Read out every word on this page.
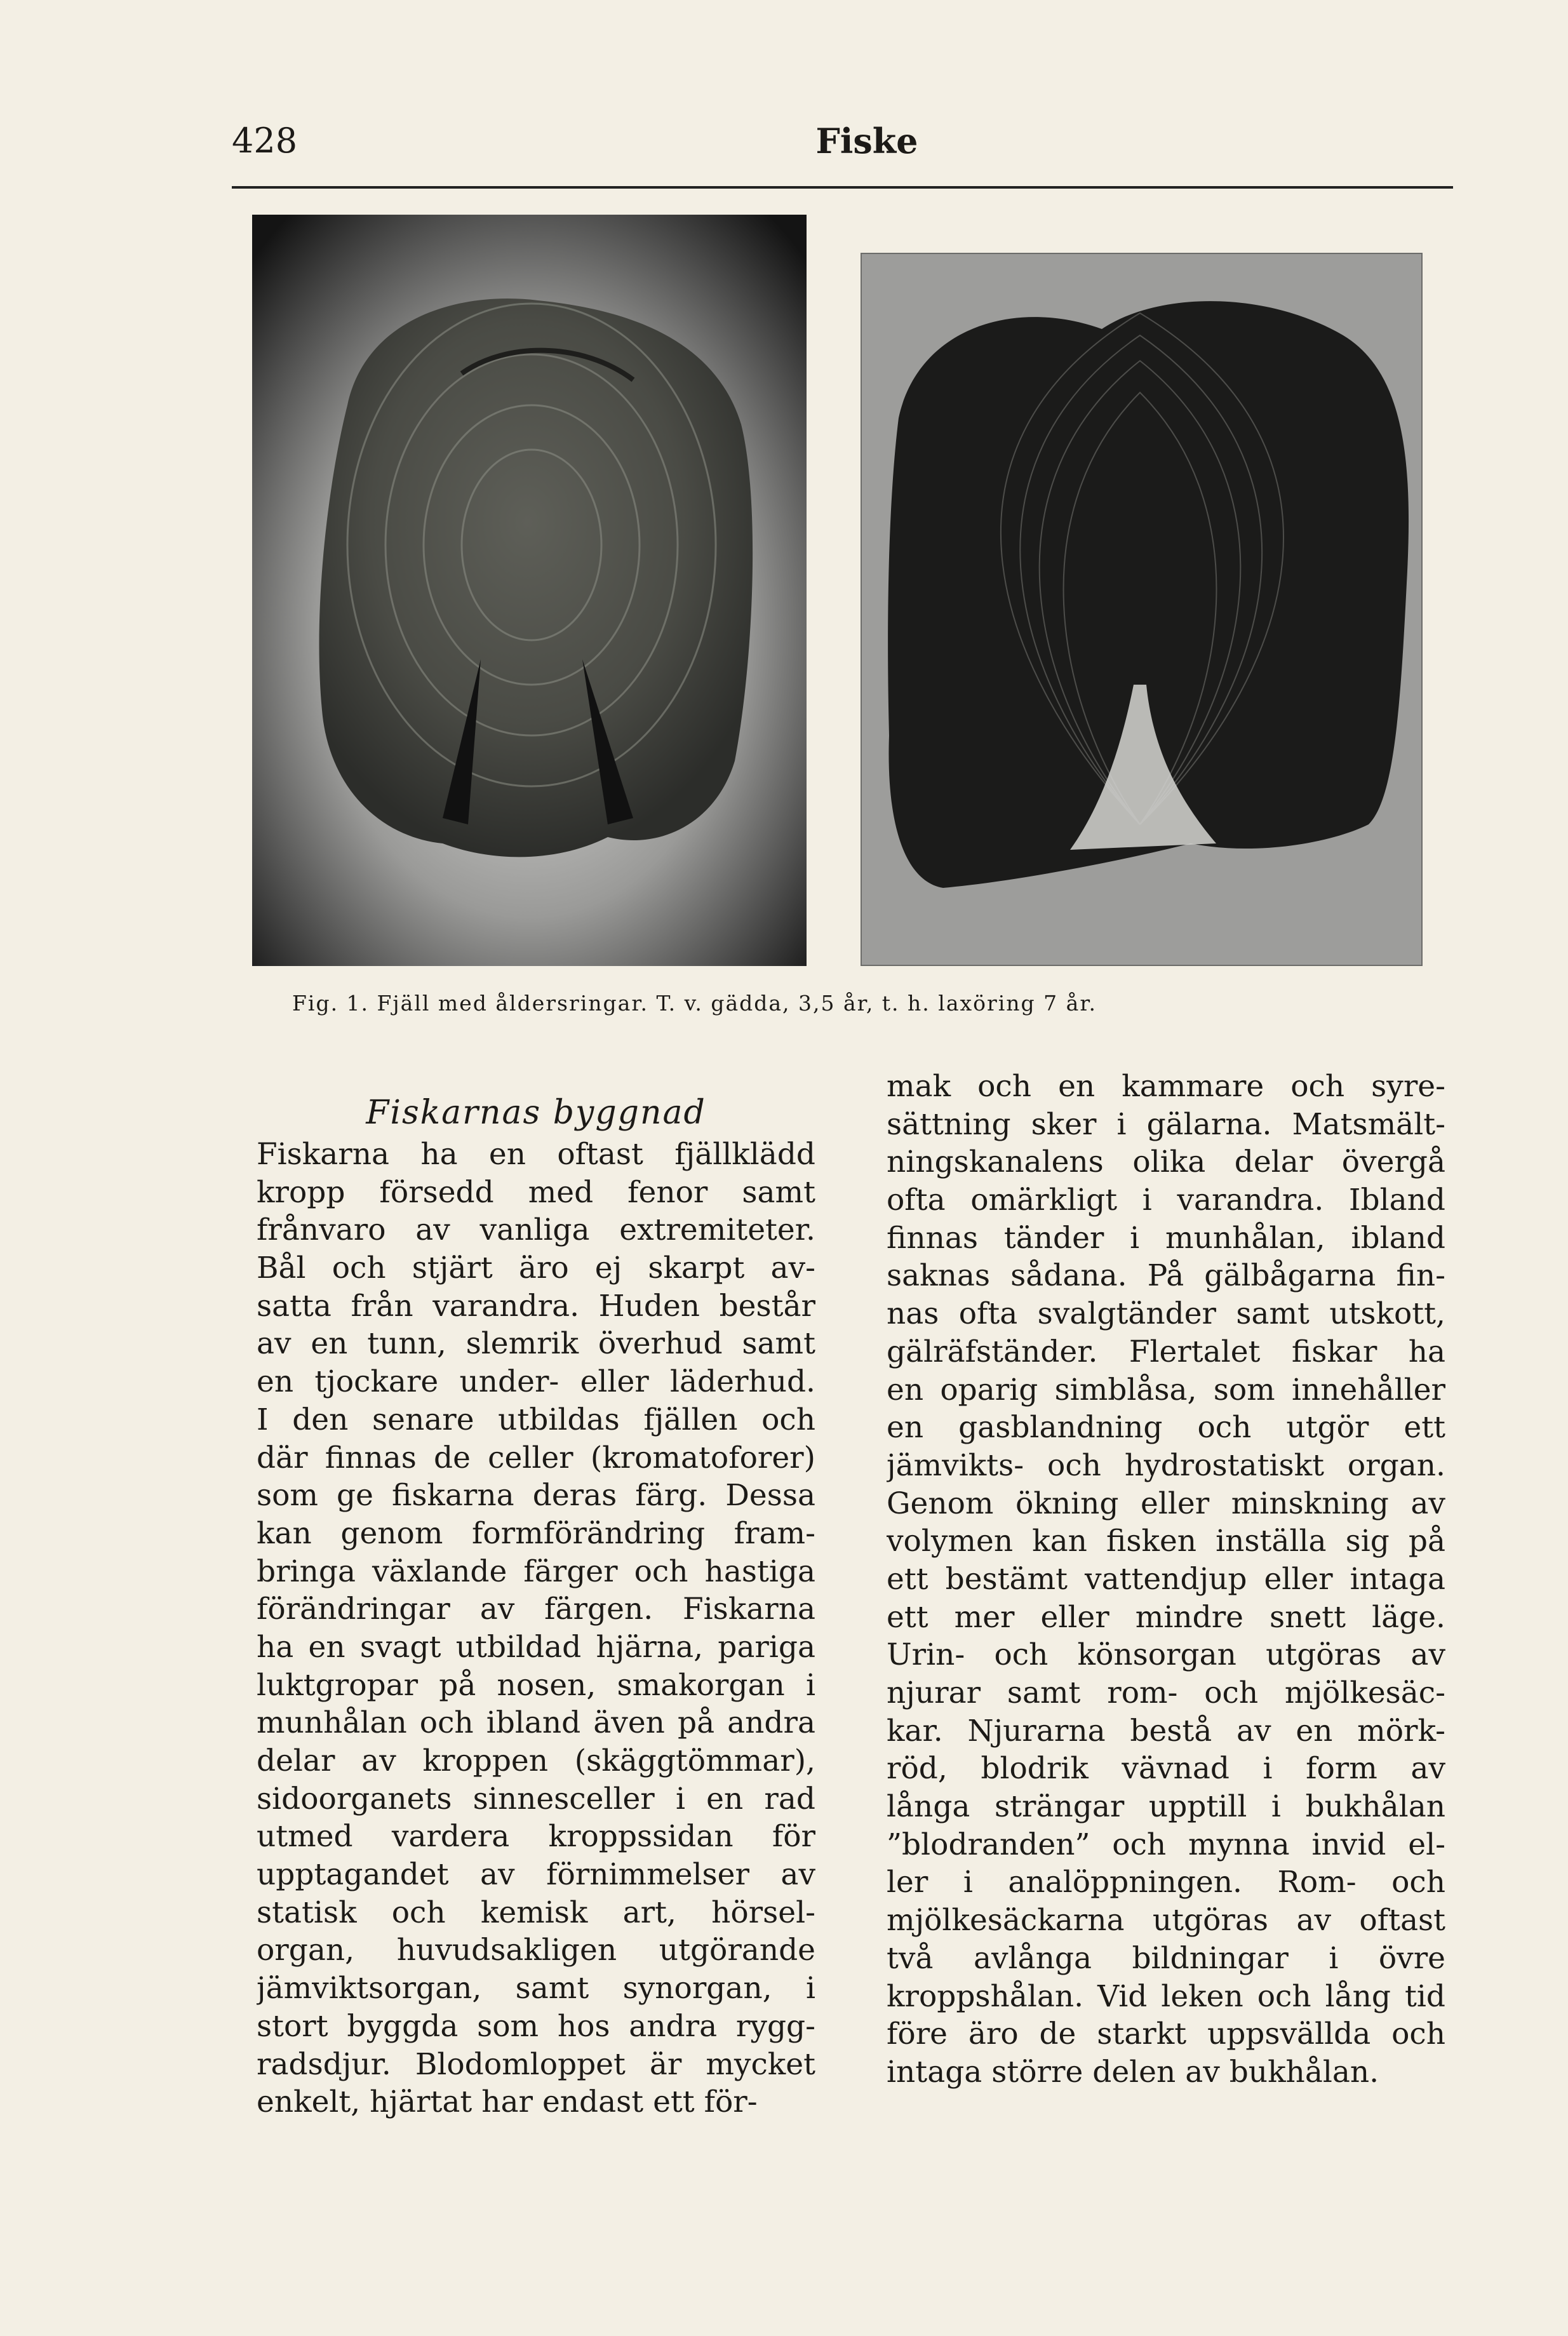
428	Fiske
Fig. 1. Fjäll med åldersringar. T. v. gädda, 3,5 år, t. h. laxöring 7 år.
Fiskarnas byggnad
Fiskarna ha en oftast fjällklädd
kropp försedd med fenor samt
frånvaro av vanliga extremiteter.
Bål och stjärt äro ej skarpt av-
satta från varandra. Huden består
av en tunn, slemrik överhud samt
en tjockare under- eller läderhud.
I den senare utbildas fjällen och
där finnas de celler (kromatoforer)
som ge fiskarna deras färg. Dessa
kan genom formförändring fram-
bringa växlande färger och hastiga
förändringar av färgen. Fiskarna
ha en svagt utbildad hjärna, pariga
luktgropar på nosen, smakorgan i
munhålan och ibland även på andra
delar av kroppen (skäggtömmar),
sidoorganets sinnesceller i en rad
utmed vardera kroppssidan för
upptagandet av förnimmelser av
statisk och kemisk art, hörsel-
organ, huvudsakligen utgörande
jämviktsorgan, samt synorgan, i
stort byggda som hos andra rygg-
radsdjur. Blodomloppet är mycket
enkelt, hjärtat har endast ett för-
mak och en kammare och syre-
sättning sker i gälarna. Matsmält-
ningskanalens olika delar övergå
ofta omärkligt i varandra. Ibland
finnas tänder i munhålan, ibland
saknas sådana. På gälbågarna fin-
nas ofta svalgtänder samt utskott,
gälräfständer. Flertalet fiskar ha
en oparig simblåsa, som innehåller
en gasblandning och utgör ett
jämvikts- och hydrostatiskt organ.
Genom ökning eller minskning av
volymen kan fisken inställa sig på
ett bestämt vattendjup eller intaga
ett mer eller mindre snett läge.
Urin- och könsorgan utgöras av
njurar samt rom- och mjölkesäc-
kar. Njurarna bestå av en mörk-
röd, blodrik vävnad i form av
långa strängar upptill i bukhålan
”blodranden” och mynna invid el-
ler i analöppningen. Rom- och
mjölkesäckarna utgöras av oftast
två avlånga bildningar i övre
kroppshålan. Vid leken och lång tid
före äro de starkt uppsvällda och
intaga större delen av bukhålan.
